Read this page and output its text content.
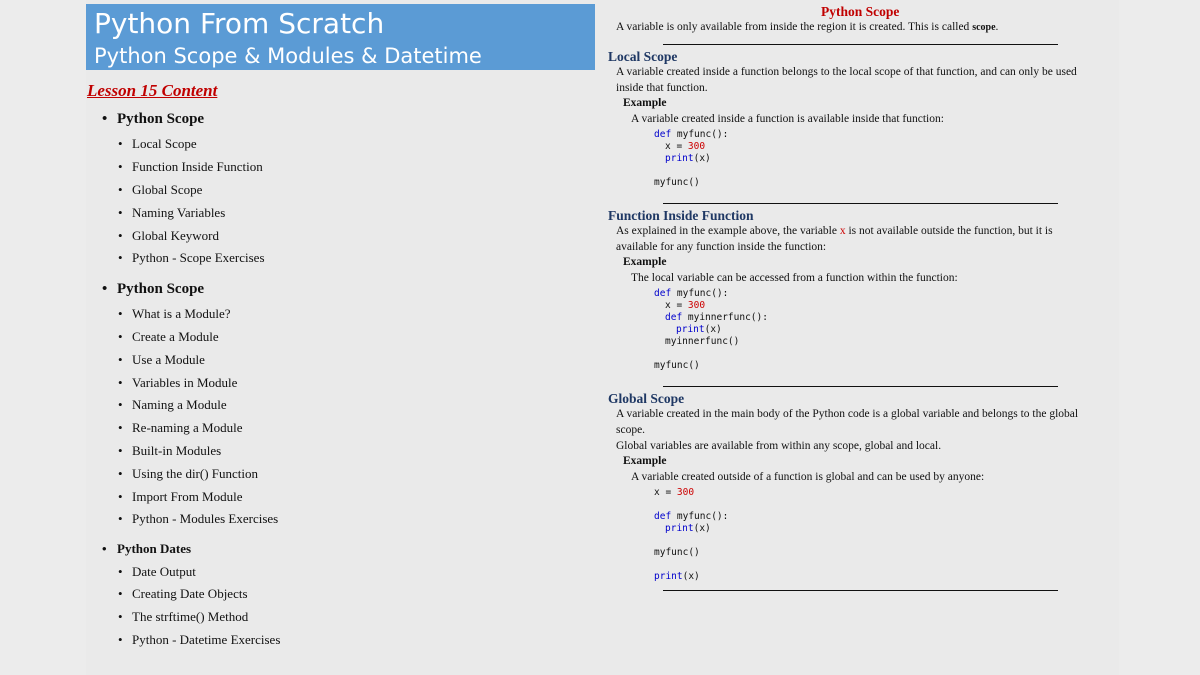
Python From Scratch
Python Scope & Modules & Datetime
Lesson 15 Content
Python Scope
Local Scope
Function Inside Function
Global Scope
Naming Variables
Global Keyword
Python - Scope Exercises
Python Scope
What is a Module?
Create a Module
Use a Module
Variables in Module
Naming a Module
Re-naming a Module
Built-in Modules
Using the dir() Function
Import From Module
Python - Modules Exercises
Python Dates
Date Output
Creating Date Objects
The strftime() Method
Python - Datetime Exercises
Python Scope
A variable is only available from inside the region it is created. This is called scope.
Local Scope
A variable created inside a function belongs to the local scope of that function, and can only be used
inside that function.
Example
A variable created inside a function is available inside that function:
def myfunc():
x = 300
print(x)
myfunc()
Function Inside Function
As explained in the example above, the variable x is not available outside the function, but it is
available for any function inside the function:
Example
The local variable can be accessed from a function within the function:
def myfunc():
x = 300
def myinnerfunc():
print(x)
myinnerfunc()
myfunc()
Global Scope
A variable created in the main body of the Python code is a global variable and belongs to the global
scope.
Global variables are available from within any scope, global and local.
Example
A variable created outside of a function is global and can be used by anyone:
x = 300
def myfunc():
print(x)
myfunc()
print(x)
